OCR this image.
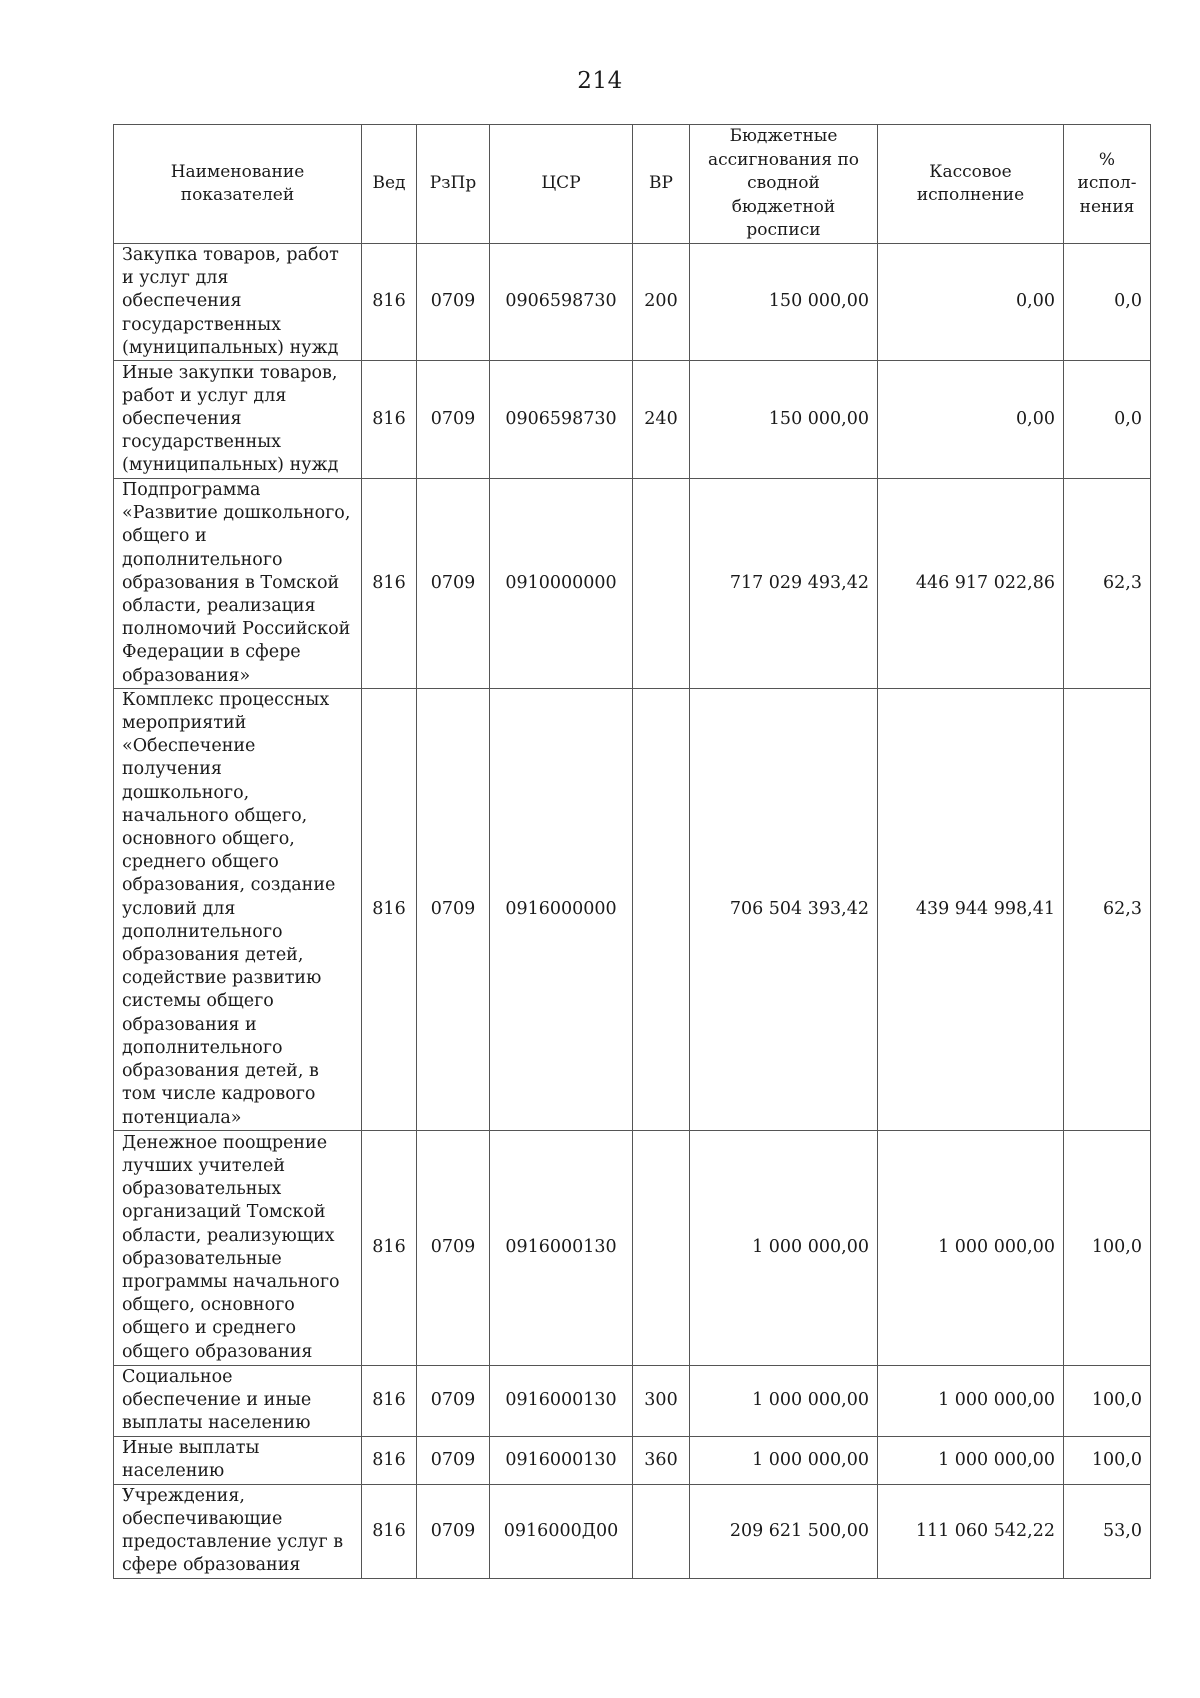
214
Наименование показателей	Вед	РзПр	ЦСР	ВР	Бюджетные ассигнования по сводной бюджетной росписи	Кассовое исполнение	% испол-нения
Закупка товаров, работ и услуг для обеспечения государственных (муниципальных) нужд	816	0709	0906598730	200	150 000,00	0,00	0,0
Иные закупки товаров, работ и услуг для обеспечения государственных (муниципальных) нужд	816	0709	0906598730	240	150 000,00	0,00	0,0
Подпрограмма «Развитие дошкольного, общего и дополнительного образования в Томской области, реализация полномочий Российской Федерации в сфере образования»	816	0709	0910000000		717 029 493,42	446 917 022,86	62,3
Комплекс процессных мероприятий «Обеспечение получения дошкольного, начального общего, основного общего, среднего общего образования, создание условий для дополнительного образования детей, содействие развитию системы общего образования и дополнительного образования детей, в том числе кадрового потенциала»	816	0709	0916000000		706 504 393,42	439 944 998,41	62,3
Денежное поощрение лучших учителей образовательных организаций Томской области, реализующих образовательные программы начального общего, основного общего и среднего общего образования	816	0709	0916000130		1 000 000,00	1 000 000,00	100,0
Социальное обеспечение и иные выплаты населению	816	0709	0916000130	300	1 000 000,00	1 000 000,00	100,0
Иные выплаты населению	816	0709	0916000130	360	1 000 000,00	1 000 000,00	100,0
Учреждения, обеспечивающие предоставление услуг в сфере образования	816	0709	0916000Д00		209 621 500,00	111 060 542,22	53,0
